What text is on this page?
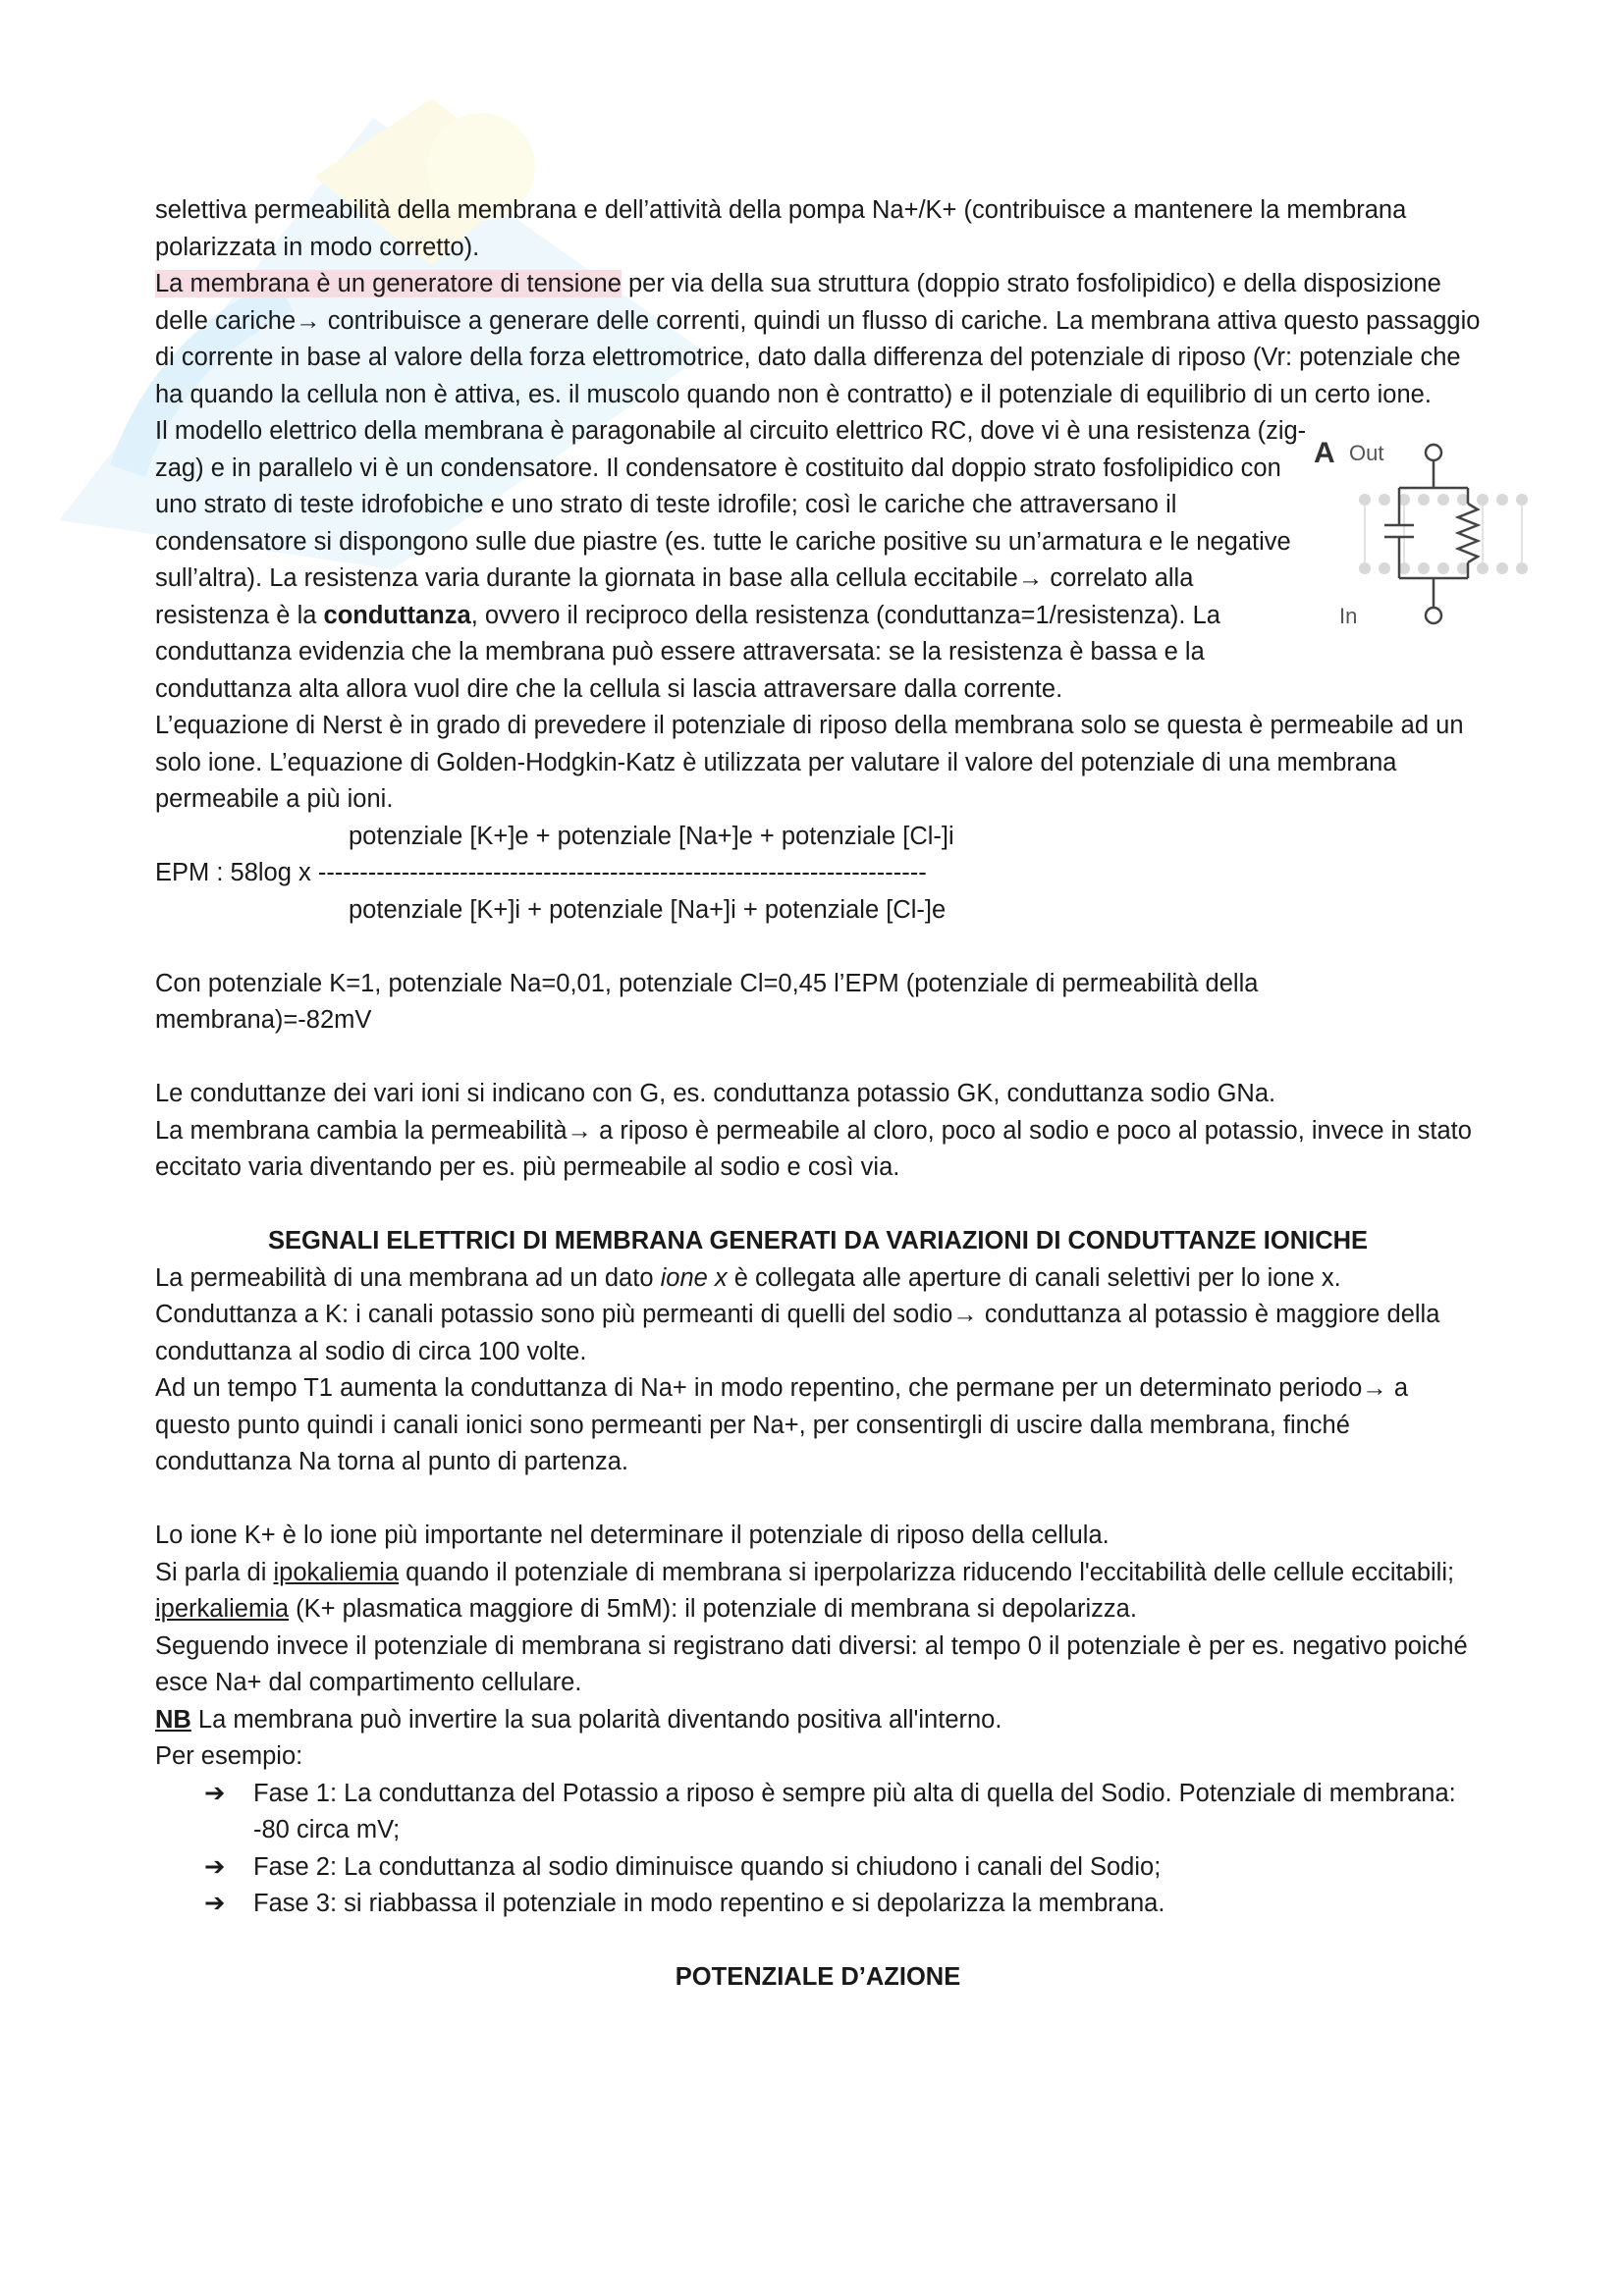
selettiva permeabilità della membrana e dell’attività della pompa Na+/K+ (contribuisce a mantenere la membrana polarizzata in modo corretto).

La membrana è un generatore di tensione per via della sua struttura (doppio strato fosfolipidico) e della disposizione delle cariche→ contribuisce a generare delle correnti, quindi un flusso di cariche. La membrana attiva questo passaggio di corrente in base al valore della forza elettromotrice, dato dalla differenza del potenziale di riposo (Vr: potenziale che ha quando la cellula non è attiva, es. il muscolo quando non è contratto) e il potenziale di equilibrio di un certo ione.

Il modello elettrico della membrana è paragonabile al circuito elettrico RC, dove vi è una resistenza (zig-zag) e in parallelo vi è un condensatore. Il condensatore è costituito dal doppio strato fosfolipidico con uno strato di teste idrofobiche e uno strato di teste idrofile; così le cariche che attraversano il condensatore si dispongono sulle due piastre (es. tutte le cariche positive su un’armatura e le negative sull’altra). La resistenza varia durante la giornata in base alla cellula eccitabile→ correlato alla resistenza è la conduttanza, ovvero il reciproco della resistenza (conduttanza=1/resistenza). La conduttanza evidenzia che la membrana può essere attraversata: se la resistenza è bassa e la conduttanza alta allora vuol dire che la cellula si lascia attraversare dalla corrente.

A Out
In

L’equazione di Nerst è in grado di prevedere il potenziale di riposo della membrana solo se questa è permeabile ad un solo ione. L’equazione di Golden-Hodgkin-Katz è utilizzata per valutare il valore del potenziale di una membrana permeabile a più ioni.

potenziale [K+]e + potenziale [Na+]e + potenziale [Cl-]i

EPM : 58log x -------------------------------------------------------------------------

potenziale [K+]i + potenziale [Na+]i + potenziale [Cl-]e

Con potenziale K=1, potenziale Na=0,01, potenziale Cl=0,45 l’EPM (potenziale di permeabilità della membrana)=-82mV

Le conduttanze dei vari ioni si indicano con G, es. conduttanza potassio GK, conduttanza sodio GNa.

La membrana cambia la permeabilità→ a riposo è permeabile al cloro, poco al sodio e poco al potassio, invece in stato eccitato varia diventando per es. più permeabile al sodio e così via.

SEGNALI ELETTRICI DI MEMBRANA GENERATI DA VARIAZIONI DI CONDUTTANZE IONICHE

La permeabilità di una membrana ad un dato ione x è collegata alle aperture di canali selettivi per lo ione x.

Conduttanza a K: i canali potassio sono più permeanti di quelli del sodio→ conduttanza al potassio è maggiore della conduttanza al sodio di circa 100 volte.

Ad un tempo T1 aumenta la conduttanza di Na+ in modo repentino, che permane per un determinato periodo→ a questo punto quindi i canali ionici sono permeanti per Na+, per consentirgli di uscire dalla membrana, finché conduttanza Na torna al punto di partenza.

Lo ione K+ è lo ione più importante nel determinare il potenziale di riposo della cellula.

Si parla di ipokaliemia quando il potenziale di membrana si iperpolarizza riducendo l'eccitabilità delle cellule eccitabili; iperkaliemia (K+ plasmatica maggiore di 5mM): il potenziale di membrana si depolarizza.

Seguendo invece il potenziale di membrana si registrano dati diversi: al tempo 0 il potenziale è per es. negativo poiché esce Na+ dal compartimento cellulare.

NB La membrana può invertire la sua polarità diventando positiva all'interno.

Per esempio:

➔ Fase 1: La conduttanza del Potassio a riposo è sempre più alta di quella del Sodio. Potenziale di membrana: -80 circa mV;
➔ Fase 2: La conduttanza al sodio diminuisce quando si chiudono i canali del Sodio;
➔ Fase 3: si riabbassa il potenziale in modo repentino e si depolarizza la membrana.
POTENZIALE D’AZIONE
